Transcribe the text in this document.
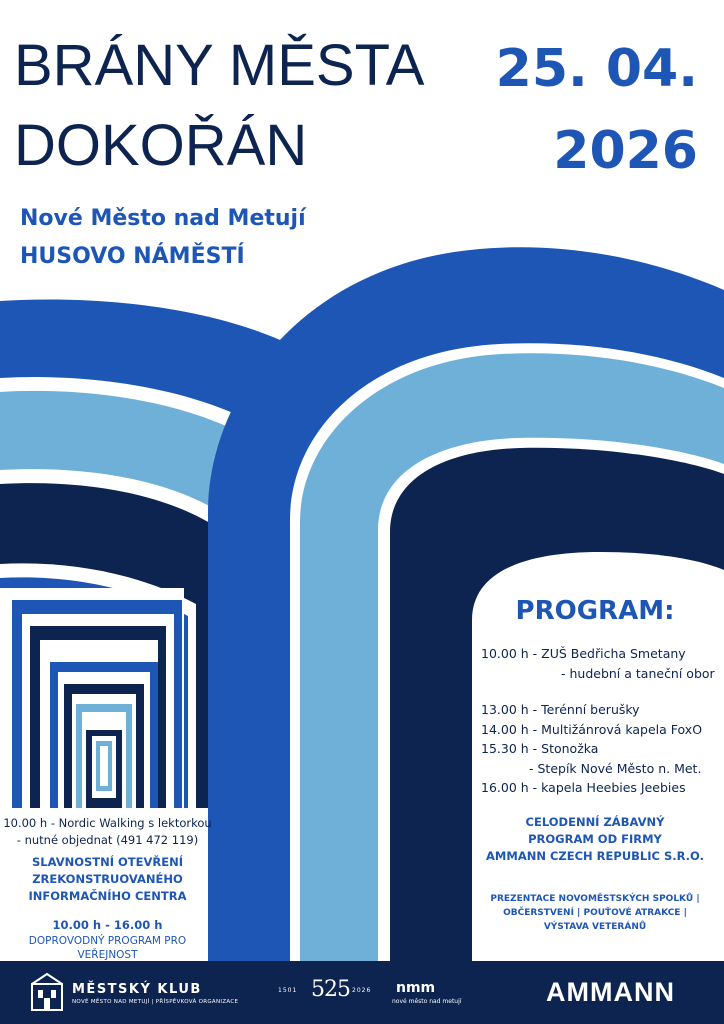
BRÁNY MĚSTA
DOKOŘÁN
25. 04.
2026
Nové Město nad Metují
HUSOVO NÁMĚSTÍ
10.00 h - Nordic Walking s lektorkou
- nutné objednat (491 472 119)
SLAVNOSTNÍ OTEVŘENÍ
ZREKONSTRUOVANÉHO
INFORMAČNÍHO CENTRA
10.00 h - 16.00 h
DOPROVODNÝ PROGRAM PRO VEŘEJNOST
PROGRAM:
10.00 h - ZUŠ Bedřicha Smetany
- hudební a taneční obor
13.00 h - Terénní berušky
14.00 h - Multižánrová kapela FoxO
15.30 h - Stonožka
- Stepík Nové Město n. Met.
16.00 h - kapela Heebies Jeebies
CELODENNÍ ZÁBAVNÝ
PROGRAM OD FIRMY
AMMANN CZECH REPUBLIC S.R.O.
PREZENTACE NOVOMĚSTSKÝCH SPOLKŮ |
OBČERSTVENÍ | POUŤOVÉ ATRAKCE |
VÝSTAVA VETERÁNŮ
MĚSTSKÝ KLUB
NOVÉ MĚSTO NAD METUJÍ | PŘÍSPĚVKOVÁ ORGANIZACE
1501 525 2026 nmm
nové město nad metují	AMMANN
